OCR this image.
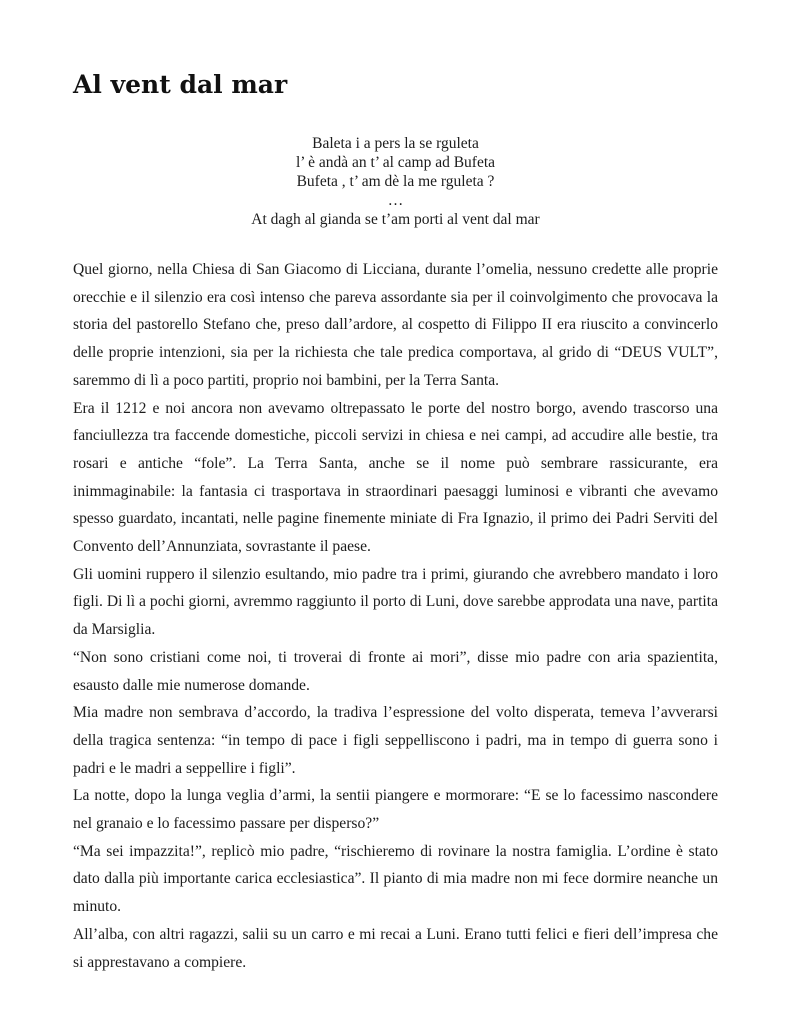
Al vent dal mar
Baleta i a pers la se rguleta
l’ è andà an t’ al camp ad Bufeta
Bufeta , t’ am dè la me rguleta ?
…
At dagh al gianda se t’am porti al vent dal mar

Quel giorno, nella Chiesa di San Giacomo di Licciana, durante l’omelia, nessuno credette alle proprie orecchie e il silenzio era così intenso che pareva assordante sia per il coinvolgimento che provocava la storia del pastorello Stefano che, preso dall’ardore, al cospetto di Filippo II era riuscito a convincerlo delle proprie intenzioni, sia per la richiesta che tale predica comportava, al grido di “DEUS VULT”, saremmo di lì a poco partiti, proprio noi bambini, per la Terra Santa.

Era il 1212 e noi ancora non avevamo oltrepassato le porte del nostro borgo, avendo trascorso una fanciullezza tra faccende domestiche, piccoli servizi in chiesa e nei campi, ad accudire alle bestie, tra rosari e antiche “fole”. La Terra Santa, anche se il nome può sembrare rassicurante, era inimmaginabile: la fantasia ci trasportava in straordinari paesaggi luminosi e vibranti che avevamo spesso guardato, incantati, nelle pagine finemente miniate di Fra Ignazio, il primo dei Padri Serviti del Convento dell’Annunziata, sovrastante il paese.

Gli uomini ruppero il silenzio esultando, mio padre tra i primi, giurando che avrebbero mandato i loro figli. Di lì a pochi giorni, avremmo raggiunto il porto di Luni, dove sarebbe approdata una nave, partita da Marsiglia.

“Non sono cristiani come noi, ti troverai di fronte ai mori”, disse mio padre con aria spazientita, esausto dalle mie numerose domande.

Mia madre non sembrava d’accordo, la tradiva l’espressione del volto disperata, temeva l’avverarsi della tragica sentenza: “in tempo di pace i figli seppelliscono i padri, ma in tempo di guerra sono i padri e le madri a seppellire i figli”.

La notte, dopo la lunga veglia d’armi, la sentii piangere e mormorare: “E se lo facessimo nascondere nel granaio e lo facessimo passare per disperso?”

“Ma sei impazzita!”, replicò mio padre, “rischieremo di rovinare la nostra famiglia. L’ordine è stato dato dalla più importante carica ecclesiastica”. Il pianto di mia madre non mi fece dormire neanche un minuto.

All’alba, con altri ragazzi, salii su un carro e mi recai a Luni. Erano tutti felici e fieri dell’impresa che si apprestavano a compiere.
